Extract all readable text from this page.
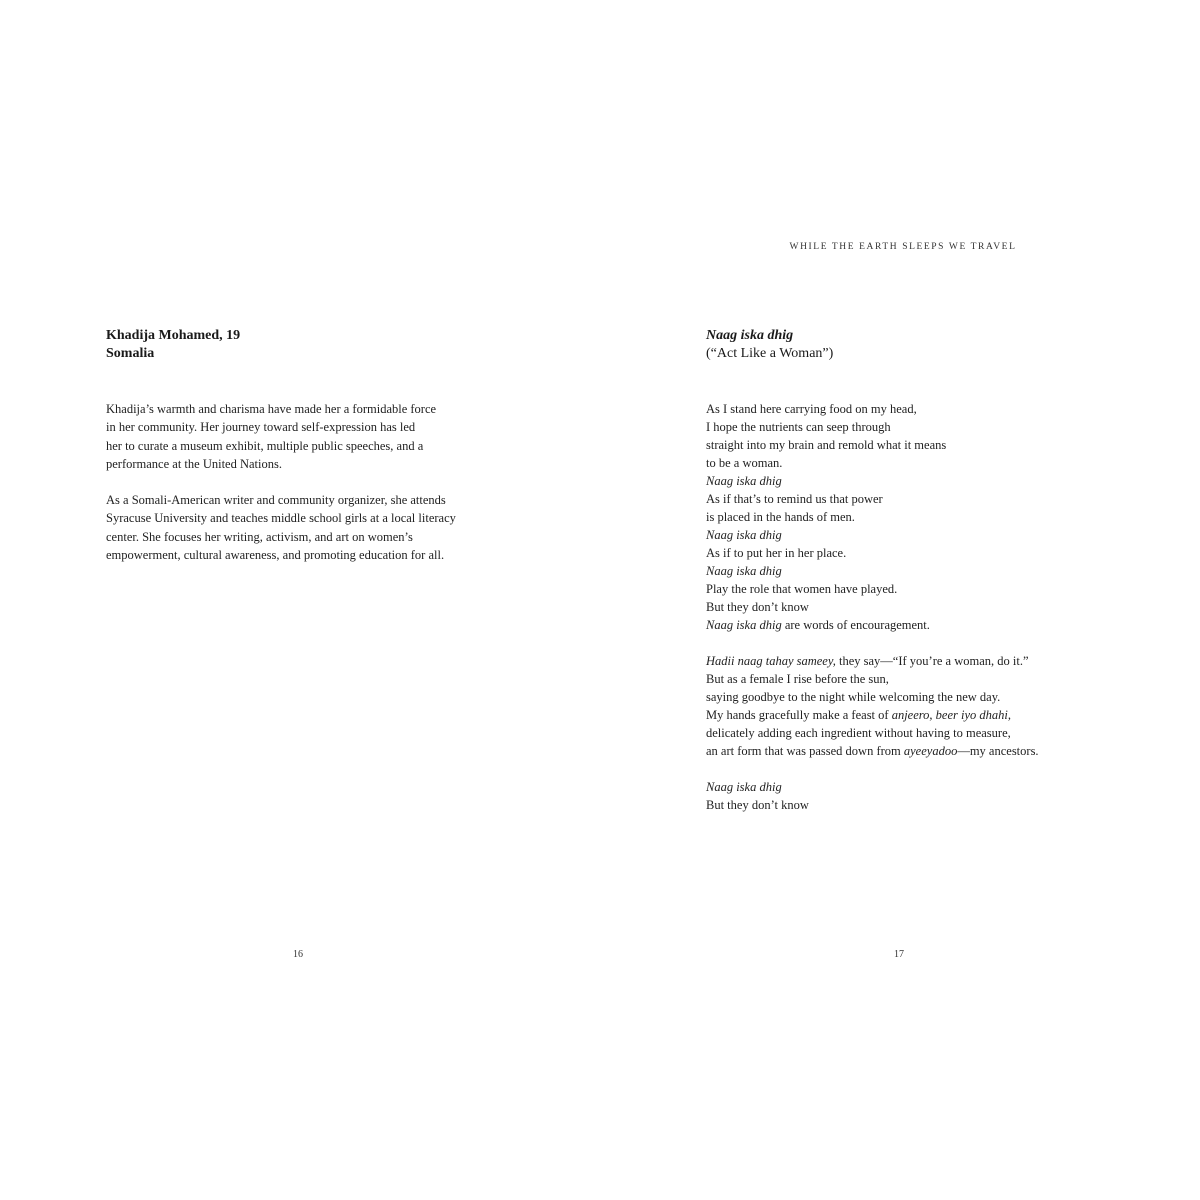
Khadija Mohamed, 19
Somalia

Khadija’s warmth and charisma have made her a formidable force
in her community. Her journey toward self-expression has led
her to curate a museum exhibit, multiple public speeches, and a
performance at the United Nations.

As a Somali-American writer and community organizer, she attends
Syracuse University and teaches middle school girls at a local literacy
center. She focuses her writing, activism, and art on women’s
empowerment, cultural awareness, and promoting education for all.

16
WHILE THE EARTH SLEEPS WE TRAVEL
Naag iska dhig
(“Act Like a Woman”)
As I stand here carrying food on my head,
I hope the nutrients can seep through
straight into my brain and remold what it means
to be a woman.
Naag iska dhig
As if that’s to remind us that power
is placed in the hands of men.
Naag iska dhig
As if to put her in her place.
Naag iska dhig
Play the role that women have played.
But they don’t know
Naag iska dhig are words of encouragement.
Hadii naag tahay sameey, they say—“If you’re a woman, do it.”
But as a female I rise before the sun,
saying goodbye to the night while welcoming the new day.
My hands gracefully make a feast of anjeero, beer iyo dhahi,
delicately adding each ingredient without having to measure,
an art form that was passed down from ayeeyadoo—my ancestors.
Naag iska dhig
But they don’t know
17
